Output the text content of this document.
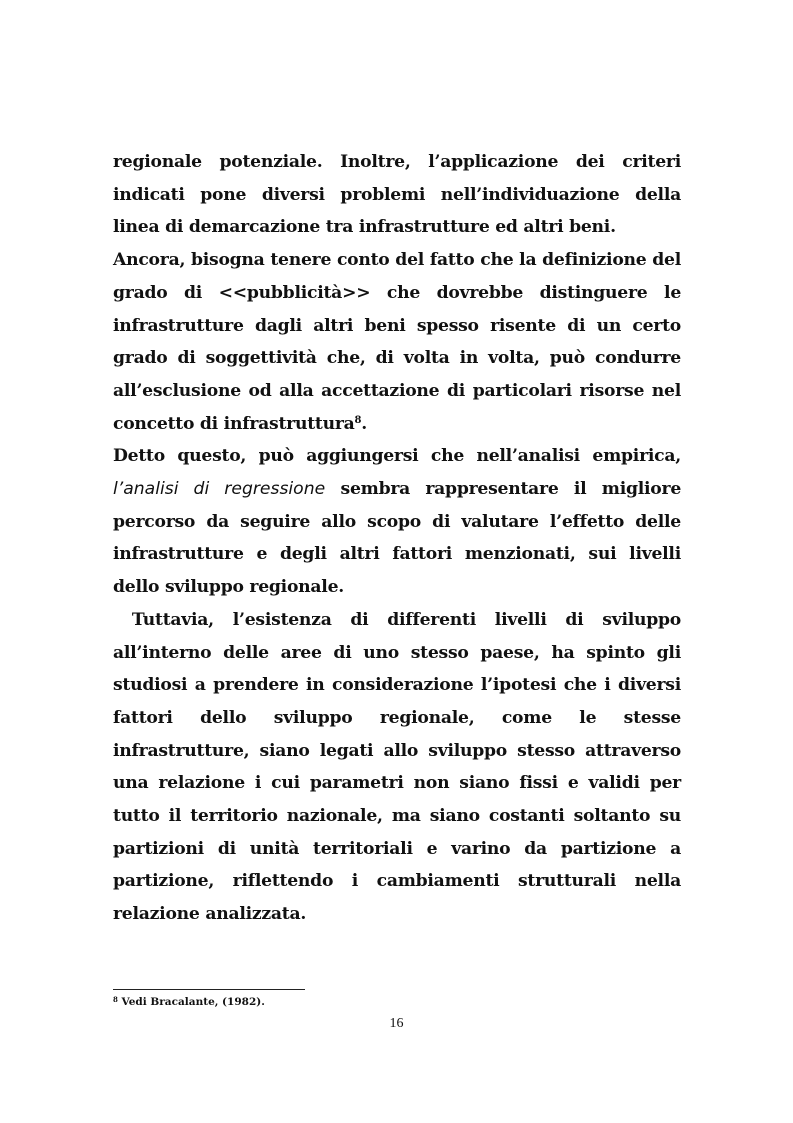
regionale potenziale. Inoltre, l’applicazione dei criteri indicati pone diversi problemi nell’individuazione della linea di demarcazione tra infrastrutture ed altri beni.

Ancora, bisogna tenere conto del fatto che la definizione del grado di <<pubblicità>> che dovrebbe distinguere le infrastrutture dagli altri beni spesso risente di un certo grado di soggettività che, di volta in volta, può condurre all’esclusione od alla accettazione di particolari risorse nel concetto di infrastruttura$^8$.

Detto questo, può aggiungersi che nell’analisi empirica, l’analisi di regressione sembra rappresentare il migliore percorso da seguire allo scopo di valutare l’effetto delle infrastrutture e degli altri fattori menzionati, sui livelli dello sviluppo regionale.

Tuttavia, l’esistenza di differenti livelli di sviluppo all’interno delle aree di uno stesso paese, ha spinto gli studiosi a prendere in considerazione l’ipotesi che i diversi fattori dello sviluppo regionale, come le stesse infrastrutture, siano legati allo sviluppo stesso attraverso una relazione i cui parametri non siano fissi e validi per tutto il territorio nazionale, ma siano costanti soltanto su partizioni di unità territoriali e varino da partizione a partizione, riflettendo i cambiamenti strutturali nella relazione analizzata.

$^8$ Vedi Bracalante, (1982).
16
